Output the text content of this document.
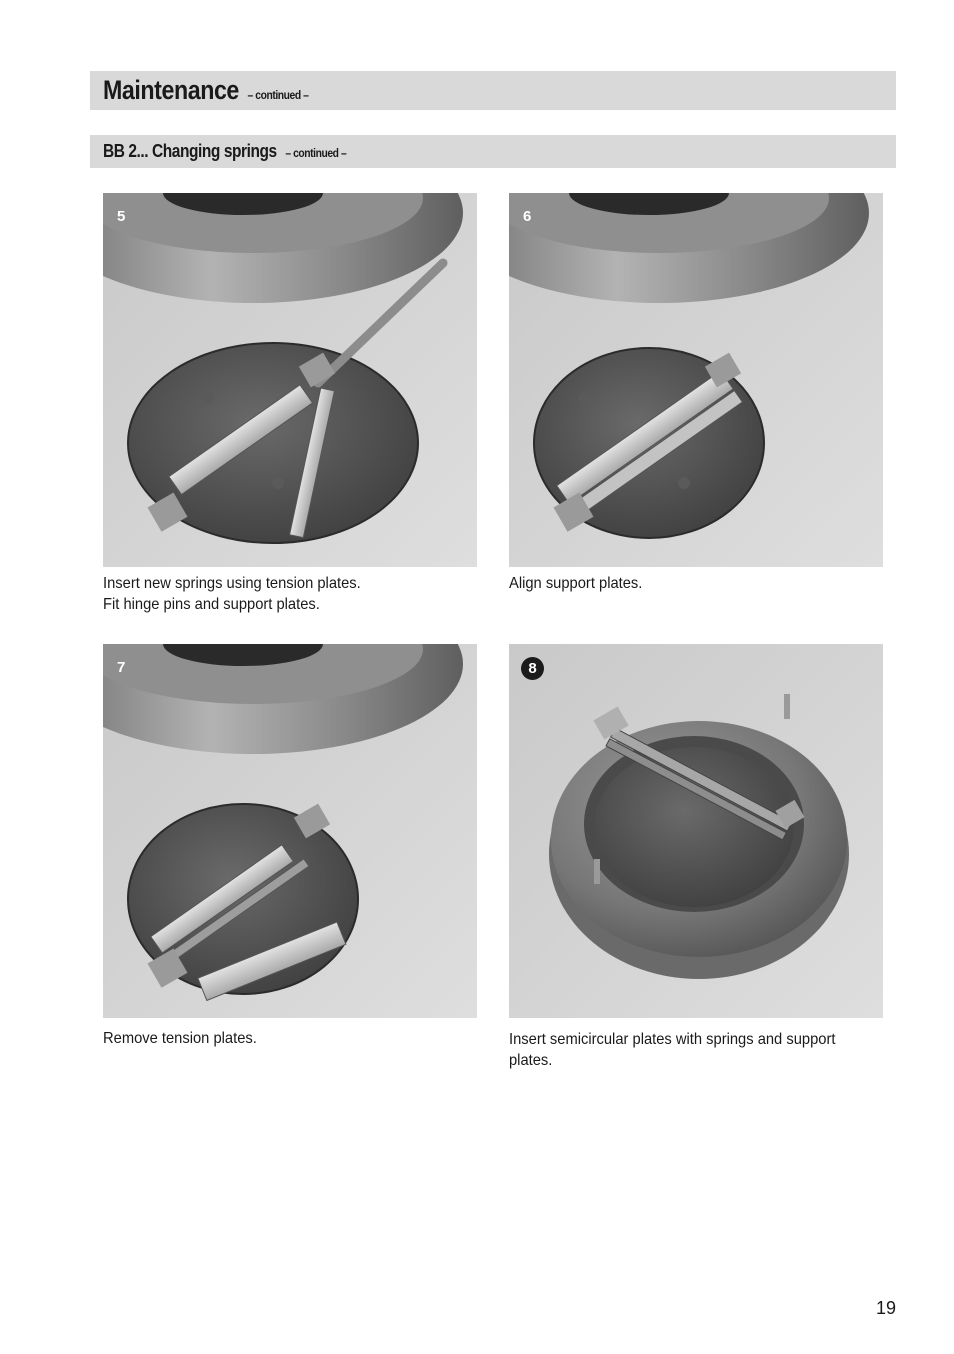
Maintenance – continued –
BB 2... Changing springs – continued –
5	6
7	8
Insert new springs using tension plates.
Fit hinge pins and support plates.
Align support plates.
Remove tension plates.	Insert semicircular plates with springs and support
plates.
19
